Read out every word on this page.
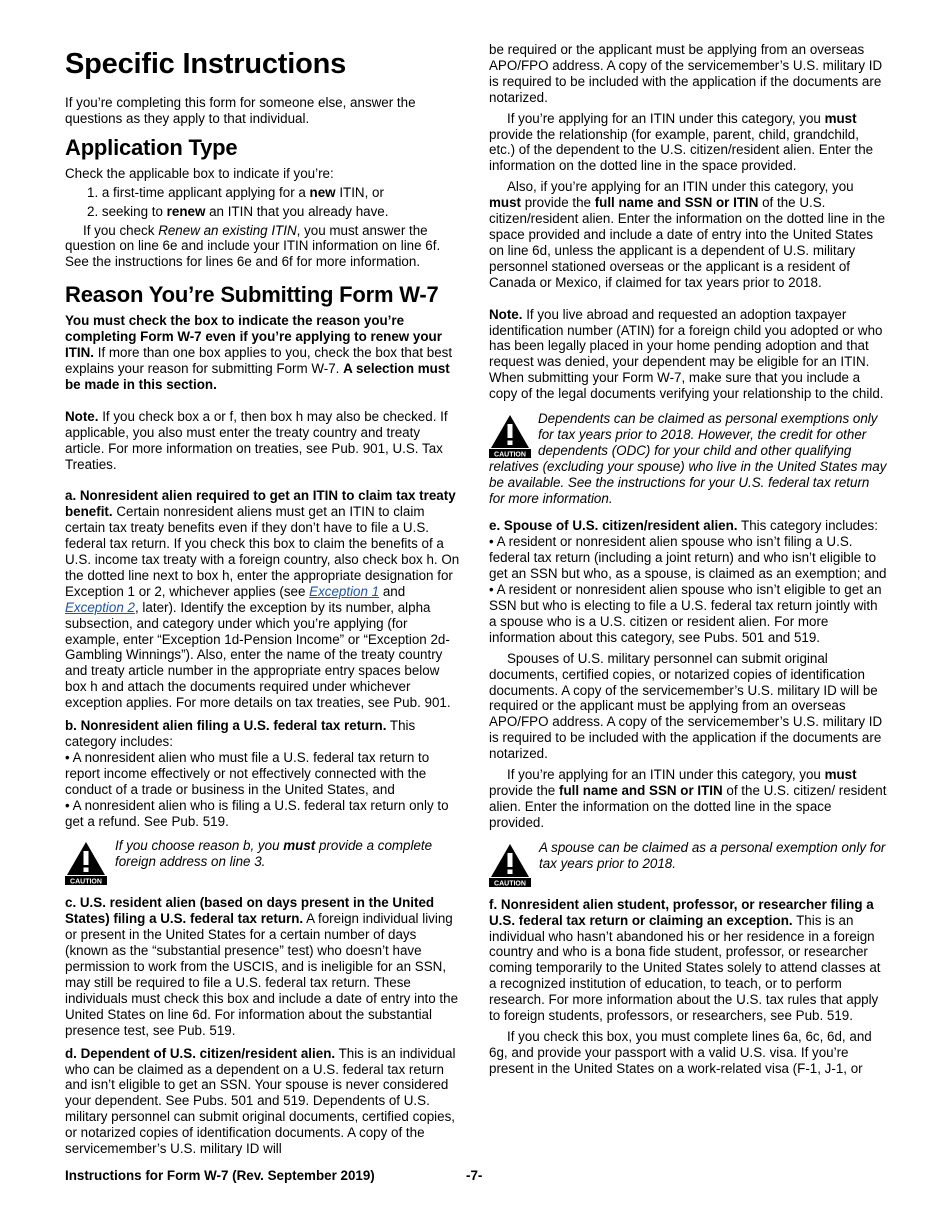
Specific Instructions

If you’re completing this form for someone else, answer the questions as they apply to that individual.

Application Type

Check the applicable box to indicate if you’re:

1. a first-time applicant applying for a new ITIN, or
2. seeking to renew an ITIN that you already have.

If you check Renew an existing ITIN, you must answer the question on line 6e and include your ITIN information on line 6f. See the instructions for lines 6e and 6f for more information.

Reason You’re Submitting Form W-7

You must check the box to indicate the reason you’re completing Form W-7 even if you’re applying to renew your ITIN. If more than one box applies to you, check the box that best explains your reason for submitting Form W-7. A selection must be made in this section.

Note. If you check box a or f, then box h may also be checked. If applicable, you also must enter the treaty country and treaty article. For more information on treaties, see Pub. 901, U.S. Tax Treaties.

a. Nonresident alien required to get an ITIN to claim tax treaty benefit. Certain nonresident aliens must get an ITIN to claim certain tax treaty benefits even if they don’t have to file a U.S. federal tax return. If you check this box to claim the benefits of a U.S. income tax treaty with a foreign country, also check box h. On the dotted line next to box h, enter the appropriate designation for Exception 1 or 2, whichever applies (see Exception 1 and Exception 2, later). Identify the exception by its number, alpha subsection, and category under which you’re applying (for example, enter “Exception 1d-Pension Income” or “Exception 2d-Gambling Winnings”). Also, enter the name of the treaty country and treaty article number in the appropriate entry spaces below box h and attach the documents required under whichever exception applies. For more details on tax treaties, see Pub. 901.

b. Nonresident alien filing a U.S. federal tax return. This category includes:

• A nonresident alien who must file a U.S. federal tax return to report income effectively or not effectively connected with the conduct of a trade or business in the United States, and

• A nonresident alien who is filing a U.S. federal tax return only to get a refund. See Pub. 519.

CAUTION
If you choose reason b, you must provide a complete foreign address on line 3.

c. U.S. resident alien (based on days present in the United States) filing a U.S. federal tax return. A foreign individual living or present in the United States for a certain number of days (known as the “substantial presence” test) who doesn’t have permission to work from the USCIS, and is ineligible for an SSN, may still be required to file a U.S. federal tax return. These individuals must check this box and include a date of entry into the United States on line 6d. For information about the substantial presence test, see Pub. 519.

d. Dependent of U.S. citizen/resident alien. This is an individual who can be claimed as a dependent on a U.S. federal tax return and isn’t eligible to get an SSN. Your spouse is never considered your dependent. See Pubs. 501 and 519. Dependents of U.S. military personnel can submit original documents, certified copies, or notarized copies of identification documents. A copy of the servicemember’s U.S. military ID will

be required or the applicant must be applying from an overseas APO/FPO address. A copy of the servicemember’s U.S. military ID is required to be included with the application if the documents are notarized.

If you’re applying for an ITIN under this category, you must provide the relationship (for example, parent, child, grandchild, etc.) of the dependent to the U.S. citizen/resident alien. Enter the information on the dotted line in the space provided.

Also, if you’re applying for an ITIN under this category, you must provide the full name and SSN or ITIN of the U.S. citizen/resident alien. Enter the information on the dotted line in the space provided and include a date of entry into the United States on line 6d, unless the applicant is a dependent of U.S. military personnel stationed overseas or the applicant is a resident of Canada or Mexico, if claimed for tax years prior to 2018.

Note. If you live abroad and requested an adoption taxpayer identification number (ATIN) for a foreign child you adopted or who has been legally placed in your home pending adoption and that request was denied, your dependent may be eligible for an ITIN. When submitting your Form W-7, make sure that you include a copy of the legal documents verifying your relationship to the child.

CAUTION
Dependents can be claimed as personal exemptions only for tax years prior to 2018. However, the credit for other dependents (ODC) for your child and other qualifying relatives (excluding your spouse) who live in the United States may be available. See the instructions for your U.S. federal tax return for more information.

e. Spouse of U.S. citizen/resident alien. This category includes:

• A resident or nonresident alien spouse who isn’t filing a U.S. federal tax return (including a joint return) and who isn’t eligible to get an SSN but who, as a spouse, is claimed as an exemption; and

• A resident or nonresident alien spouse who isn’t eligible to get an SSN but who is electing to file a U.S. federal tax return jointly with a spouse who is a U.S. citizen or resident alien. For more information about this category, see Pubs. 501 and 519.

Spouses of U.S. military personnel can submit original documents, certified copies, or notarized copies of identification documents. A copy of the servicemember’s U.S. military ID will be required or the applicant must be applying from an overseas APO/FPO address. A copy of the servicemember’s U.S. military ID is required to be included with the application if the documents are notarized.

If you’re applying for an ITIN under this category, you must provide the full name and SSN or ITIN of the U.S. citizen/ resident alien. Enter the information on the dotted line in the space provided.

CAUTION
A spouse can be claimed as a personal exemption only for tax years prior to 2018.

f. Nonresident alien student, professor, or researcher filing a U.S. federal tax return or claiming an exception. This is an individual who hasn’t abandoned his or her residence in a foreign country and who is a bona fide student, professor, or researcher coming temporarily to the United States solely to attend classes at a recognized institution of education, to teach, or to perform research. For more information about the U.S. tax rules that apply to foreign students, professors, or researchers, see Pub. 519.

If you check this box, you must complete lines 6a, 6c, 6d, and 6g, and provide your passport with a valid U.S. visa. If you’re present in the United States on a work-related visa (F-1, J-1, or

Instructions for Form W-7 (Rev. September 2019)	-7-
